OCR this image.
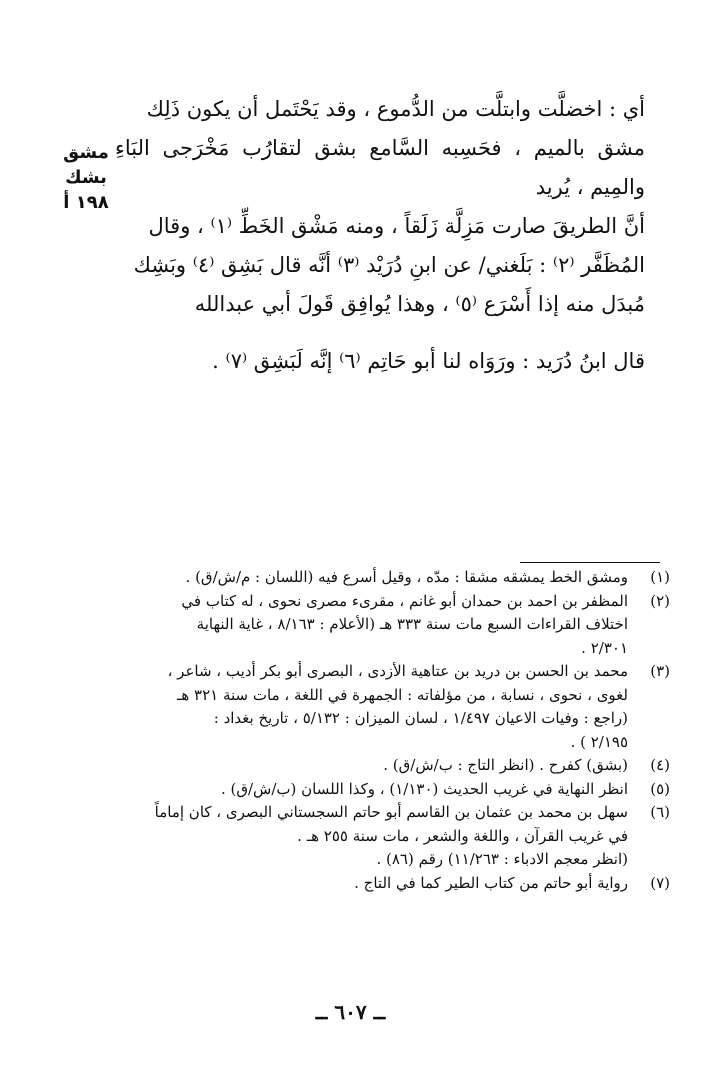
أي : اخضلَّت وابتلَّت من الدُّموع ، وقد يَحْتَمل أن يكون ذَلِك
مشق بالميم ، فحَسِبه السَّامع بشق لتقارُب مَخْرَجى البَاءِ والمِيم ، يُريد
أنَّ الطريقَ صارت مَزِلَّة زَلَقاً ، ومنه مَشْق الخَطِّ ⁽١⁾ ، وقال
المُظَفَّر ⁽٢⁾ : بَلَغني/ عن ابنِ دُرَيْد ⁽٣⁾ أنَّه قال بَشِق ⁽٤⁾ وبَشِك
مُبدَل منه إذا أَسْرَع ⁽٥⁾ ، وهذا يُوافِق قَولَ أبي عبدالله

قال ابنُ دُرَيد : ورَوَاه لنا أبو حَاتِم ⁽٦⁾ إنَّه لَبَشِق ⁽٧⁾ .

مشق
بشك
١٩٨ أ
(١)
ومشق الخط يمشقه مشقا : مدّه ، وقيل أسرع فيه (اللسان : م/ش/ق) .
(٢)
المظفر بن احمد بن حمدان أبو غانم ، مقرىء مصرى نحوى ، له كتاب في
اختلاف القراءات السبع مات سنة ٣٣٣ هـ (الأعلام : ٨/١٦٣ ، غاية النهاية
٢/٣٠١ .
(٣)
محمد بن الحسن بن دريد بن عتاهية الأزدى ، البصرى أبو بكر أديب ، شاعر ،
لغوى ، نحوى ، نسابة ، من مؤلفاته : الجمهرة في اللغة ، مات سنة ٣٢١ هـ
(راجع : وفيات الاعيان ١/٤٩٧ ، لسان الميزان : ٥/١٣٢ ، تاريخ بغداد :
٢/١٩٥ ) .
(٤)
(بشق) كفرح . (انظر التاج : ب/ش/ق) .
(٥)
انظر النهاية في غريب الحديث (١/١٣٠) ، وكذا اللسان (ب/ش/ق) .
(٦)
سهل بن محمد بن عثمان بن القاسم أبو حاتم السجستاني البصرى ، كان إماماً
في غريب القرآن ، واللغة والشعر ، مات سنة ٢٥٥ هـ .
(انظر معجم الادباء : ١١/٢٦٣) رقم (٨٦) .
(٧)
رواية أبو حاتم من كتاب الطير كما في التاج .
ــ ٦٠٧ ــ
